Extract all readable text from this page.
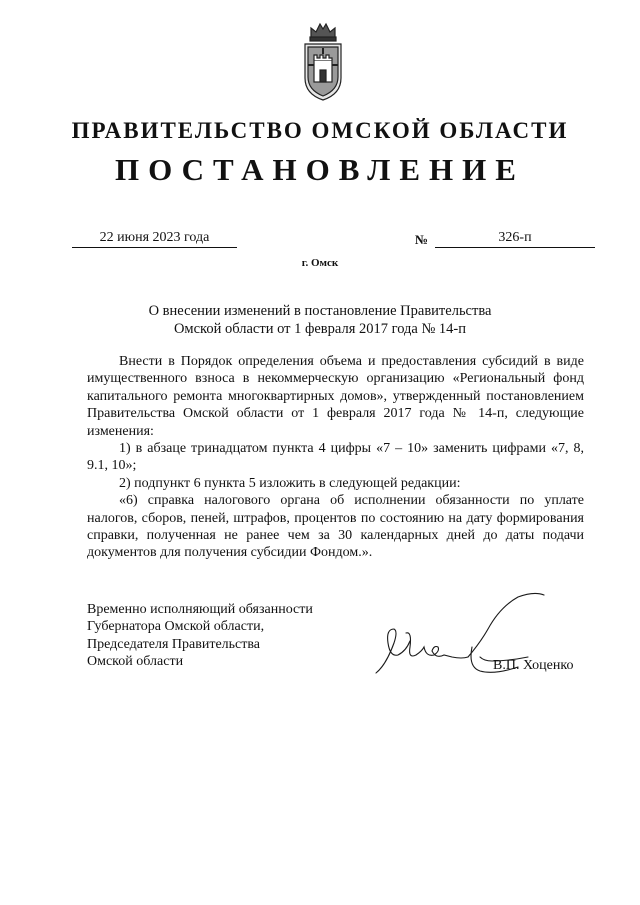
ПРАВИТЕЛЬСТВО ОМСКОЙ ОБЛАСТИ
ПОСТАНОВЛЕНИЕ
22 июня 2023 года	№	326-п
г. Омск
О внесении изменений в постановление Правительства
Омской области от 1 февраля 2017 года № 14-п

Внести в Порядок определения объема и предоставления субсидий в виде имущественного взноса в некоммерческую организацию «Региональный фонд капитального ремонта многоквартирных домов», утвержденный постановлением Правительства Омской области от 1 февраля 2017 года № 14-п, следующие изменения:

1) в абзаце тринадцатом пункта 4 цифры «7 – 10» заменить цифрами «7, 8, 9.1, 10»;

2) подпункт 6 пункта 5 изложить в следующей редакции:

«6) справка налогового органа об исполнении обязанности по уплате налогов, сборов, пеней, штрафов, процентов по состоянию на дату формирования справки, полученная не ранее чем за 30 календарных дней до даты подачи документов для получения субсидии Фондом.».

Временно исполняющий обязанности
Губернатора Омской области,
Председателя Правительства
Омской области	В.П. Хоценко
